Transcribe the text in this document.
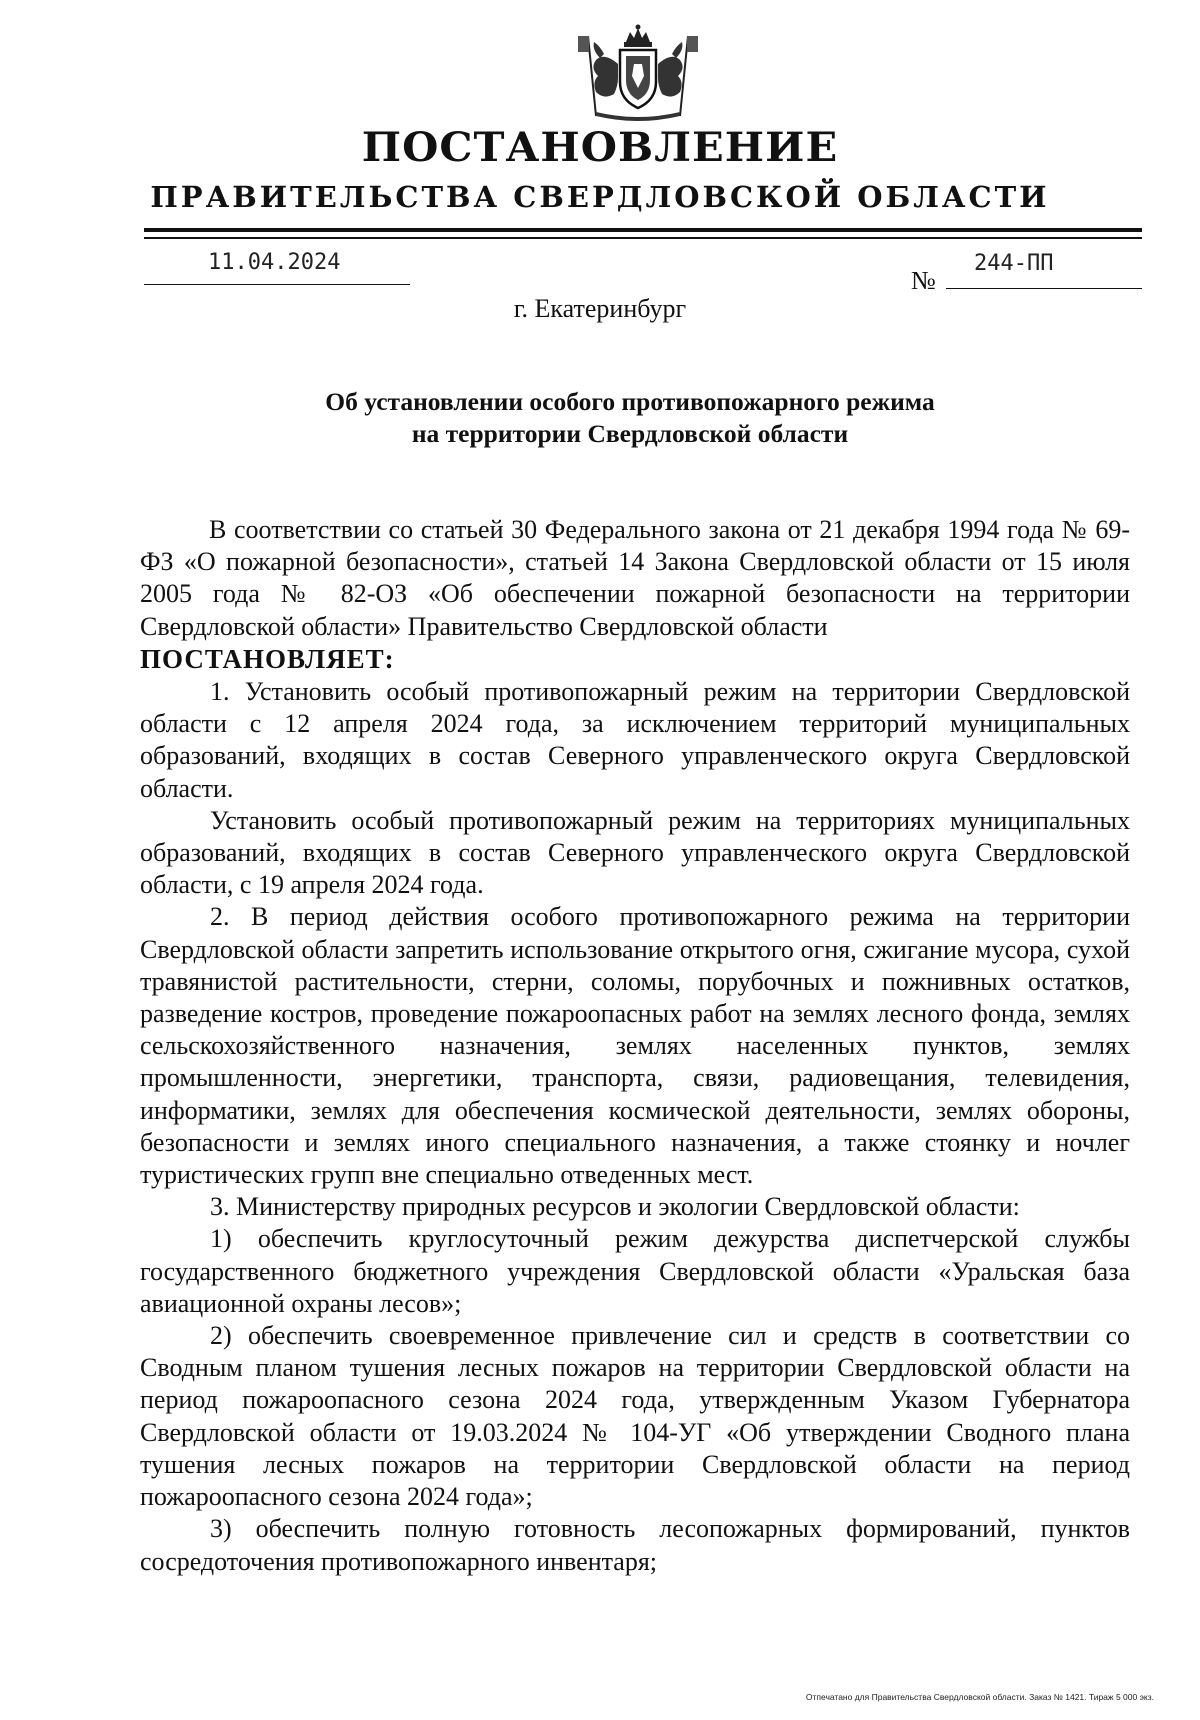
ПОСТАНОВЛЕНИЕ
ПРАВИТЕЛЬСТВА СВЕРДЛОВСКОЙ ОБЛАСТИ
11.04.2024
№
244-ПП
г. Екатеринбург
Об установлении особого противопожарного режима
на территории Свердловской области

В соответствии со статьей 30 Федерального закона от 21 декабря 1994 года № 69-ФЗ «О пожарной безопасности», статьей 14 Закона Свердловской области от 15 июля 2005 года № 82-ОЗ «Об обеспечении пожарной безопасности на территории Свердловской области» Правительство Свердловской области

ПОСТАНОВЛЯЕТ:

1. Установить особый противопожарный режим на территории Свердловской области с 12 апреля 2024 года, за исключением территорий муниципальных образований, входящих в состав Северного управленческого округа Свердловской области.

Установить особый противопожарный режим на территориях муниципальных образований, входящих в состав Северного управленческого округа Свердловской области, с 19 апреля 2024 года.

2. В период действия особого противопожарного режима на территории Свердловской области запретить использование открытого огня, сжигание мусора, сухой травянистой растительности, стерни, соломы, порубочных и пожнивных остатков, разведение костров, проведение пожароопасных работ на землях лесного фонда, землях сельскохозяйственного назначения, землях населенных пунктов, землях промышленности, энергетики, транспорта, связи, радиовещания, телевидения, информатики, землях для обеспечения космической деятельности, землях обороны, безопасности и землях иного специального назначения, а также стоянку и ночлег туристических групп вне специально отведенных мест.

3. Министерству природных ресурсов и экологии Свердловской области:

1) обеспечить круглосуточный режим дежурства диспетчерской службы государственного бюджетного учреждения Свердловской области «Уральская база авиационной охраны лесов»;

2) обеспечить своевременное привлечение сил и средств в соответствии со Сводным планом тушения лесных пожаров на территории Свердловской области на период пожароопасного сезона 2024 года, утвержденным Указом Губернатора Свердловской области от 19.03.2024 № 104-УГ «Об утверждении Сводного плана тушения лесных пожаров на территории Свердловской области на период пожароопасного сезона 2024 года»;

3) обеспечить полную готовность лесопожарных формирований, пунктов сосредоточения противопожарного инвентаря;

Отпечатано для Правительства Свердловской области. Заказ № 1421. Тираж 5 000 экз.
